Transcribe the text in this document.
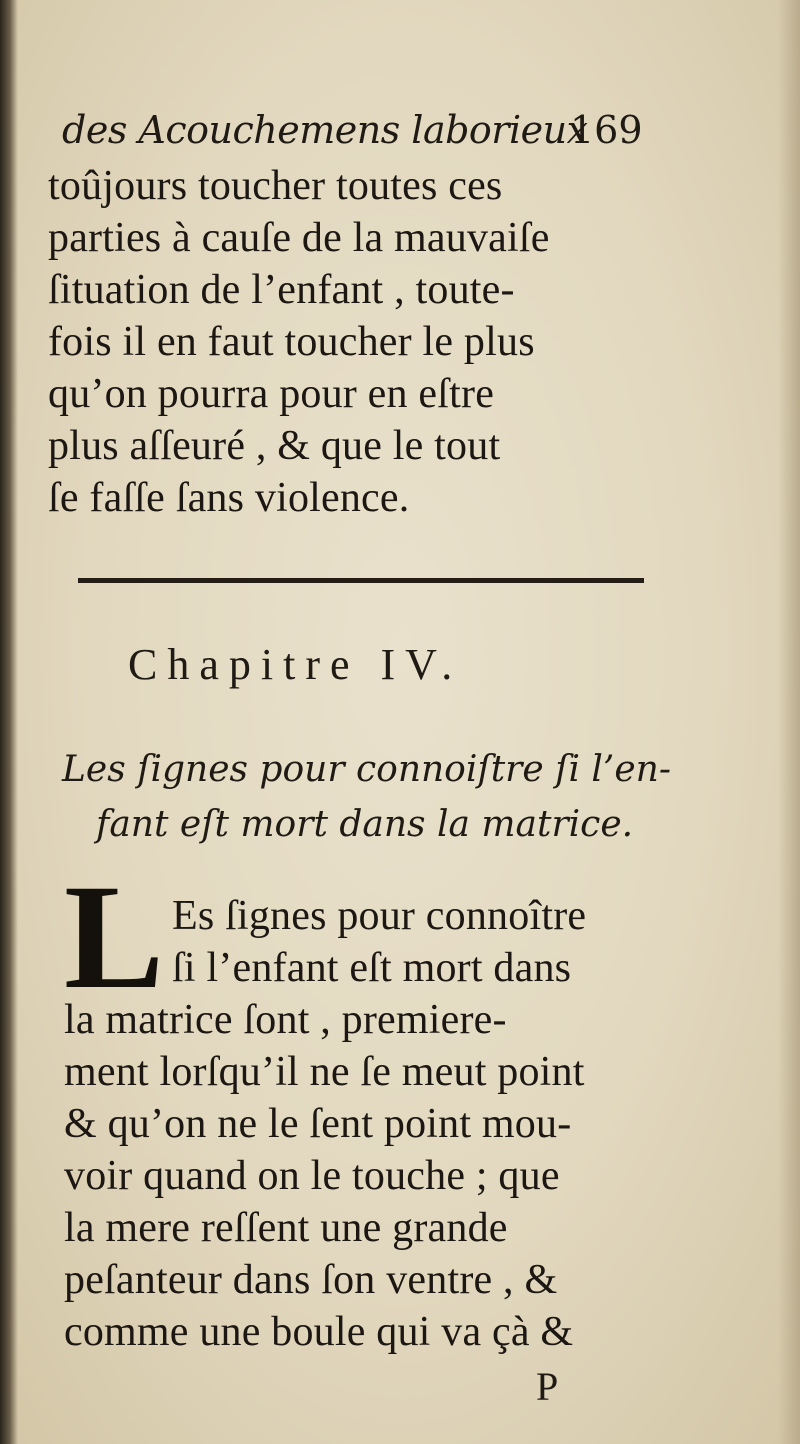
des Acouchemens laborieux
169
toûjours toucher toutes ces
parties à cauſe de la mauvaiſe
ſituation de l’enfant , toute-
fois il en faut toucher le plus
qu’on pourra pour en eſtre
plus aſſeuré , & que le tout
ſe faſſe ſans violence.
Chapitre IV.
Les ſignes pour connoiſtre ſi l’en-
fant eſt mort dans la matrice.
L Es ſignes pour connoître
ſi l’enfant eſt mort dans
la matrice ſont , premiere-
ment lorſqu’il ne ſe meut point
& qu’on ne le ſent point mou-
voir quand on le touche ; que
la mere reſſent une grande
peſanteur dans ſon ventre , &
comme une boule qui va çà &
P
